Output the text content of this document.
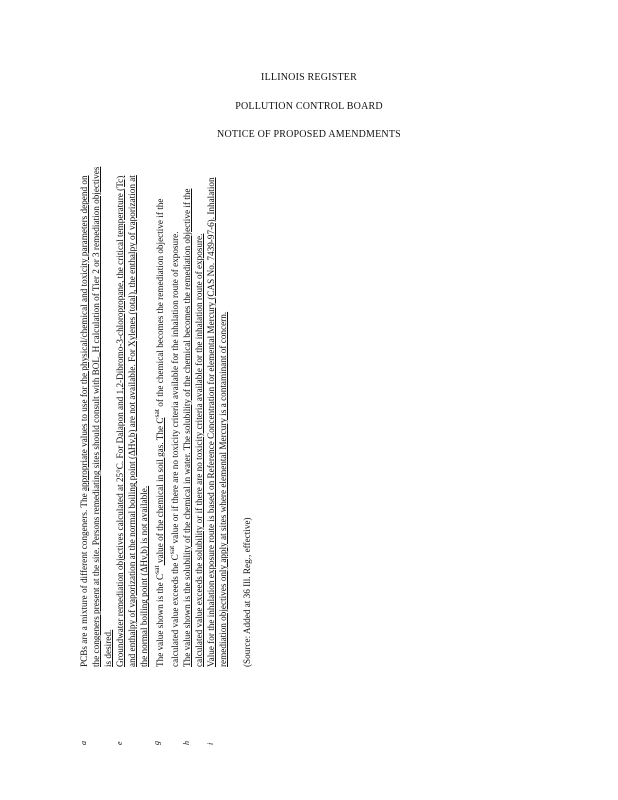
ILLINOIS REGISTER
POLLUTION CONTROL BOARD
NOTICE OF PROPOSED AMENDMENTS

a
PCBs are a mixture of different congeners. The appropriate values to use for the physical/chemical and toxicity parameters depend on the congeners present at the site. Persons remediating sites should consult with BOL_H calculation of Tier 2 or 3 remediation objectives is desired.

e
Groundwater remediation objectives calculated at 25°C. For Dalapon and 1,2-Dibromo-3-chloropropane, the critical temperature (Tc) and enthalpy of vaporization at the normal boiling point (ΔHv,b) are not available. For Xylenes (total), the enthalpy of vaporization at the normal boiling point (ΔHv,b) is not available.

g
The value shown is the $C^{sat}$ value of the chemical in soil gas. The $C^{sat}$ of the chemical becomes the remediation objective if the calculated value exceeds the $C^{sat}$ value or if there are no toxicity criteria available for the inhalation route of exposure.

h
The value shown is the solubility of the chemical in water. The solubility of the chemical becomes the remediation objective if the calculated value exceeds the solubility or if there are no toxicity criteria available for the inhalation route of exposure.

i
Value for the inhalation exposure route is based on Reference Concentration for elemental Mercury (CAS No. 7439-97-6). Inhalation remediation objectives only apply at sites where elemental Mercury is a contaminant of concern. (Source: Added at 36 Ill. Reg., effective)
